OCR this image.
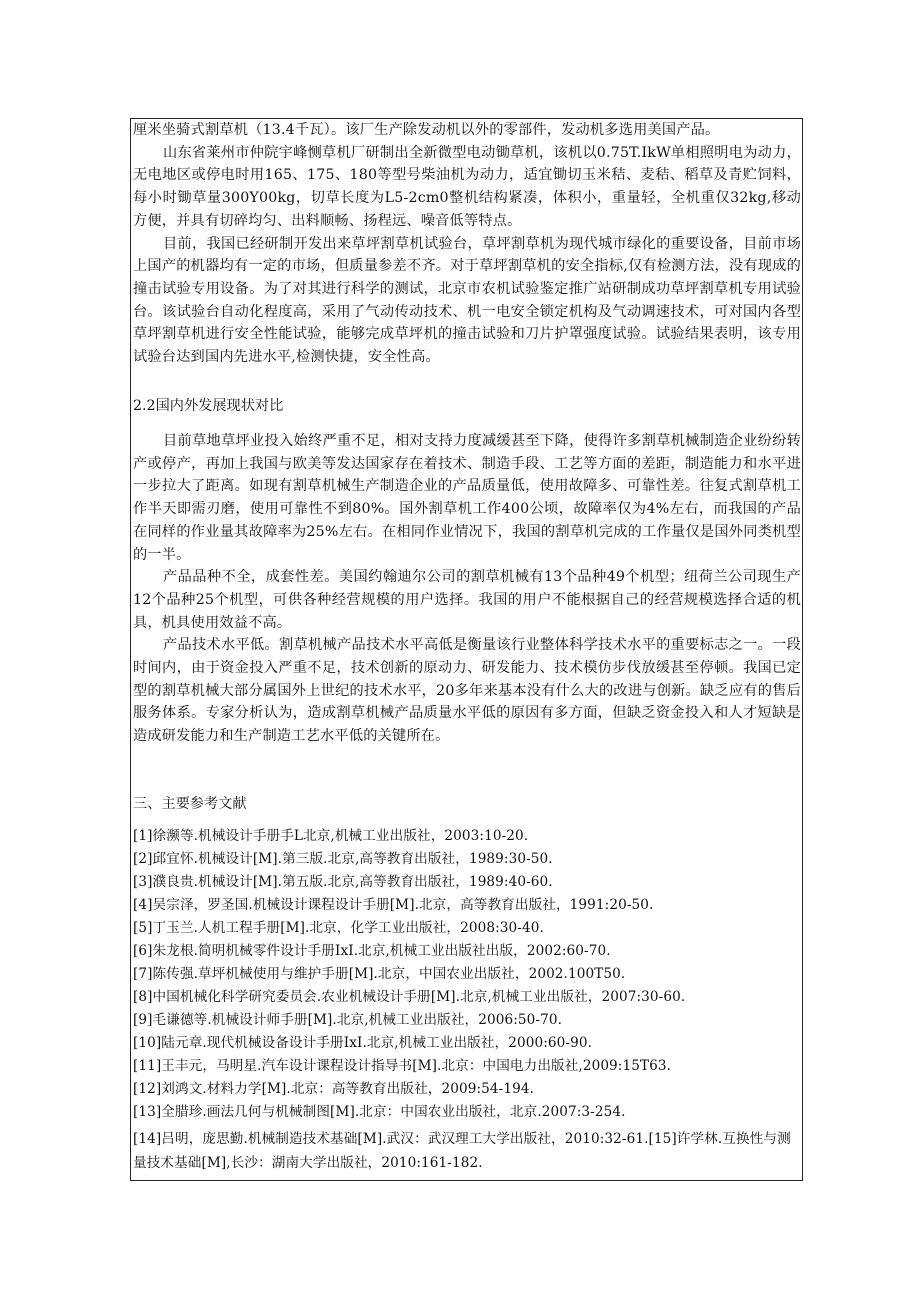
厘米坐骑式割草机（13.4千瓦）。该厂生产除发动机以外的零部件，发动机多选用美国产品。

山东省莱州市仲院宇峰恻草机厂研制出全新微型电动锄草机，该机以0.75T.IkW单相照明电为动力，无电地区或停电时用165、175、180等型号柴油机为动力，适宜锄切玉米秸、麦秸、稻草及青贮饲料，每小时锄草量300Y00kg，切草长度为L5-2cm0整机结构紧凑，体积小，重量轻，全机重仅32kg,移动方便，并具有切碎均匀、出料顺畅、扬程远、噪音低等特点。

目前，我国已经研制开发出来草坪割草机试验台，草坪割草机为现代城市绿化的重要设备，目前市场上国产的机器均有一定的市场，但质量参差不齐。对于草坪割草机的安全指标,仅有检测方法，没有现成的撞击试验专用设备。为了对其进行科学的测试，北京市农机试验鉴定推广站研制成功草坪割草机专用试验台。该试验台自动化程度高，采用了气动传动技术、机一电安全锁定机构及气动调速技术，可对国内各型草坪割草机进行安全性能试验，能够完成草坪机的撞击试验和刀片护罩强度试验。试验结果表明，该专用试验台达到国内先进水平,检测快捷，安全性高。

2.2国内外发展现状对比

目前草地草坪业投入始终严重不足，相对支持力度减缓甚至下降，使得许多割草机械制造企业纷纷转产或停产，再加上我国与欧美等发达国家存在着技术、制造手段、工艺等方面的差距，制造能力和水平进一步拉大了距离。如现有割草机械生产制造企业的产品质量低，使用故障多、可靠性差。往复式割草机工作半天即需刃磨，使用可靠性不到80%。国外割草机工作400公顷，故障率仅为4%左右，而我国的产品在同样的作业量其故障率为25%左右。在相同作业情况下，我国的割草机完成的工作量仅是国外同类机型的一半。

产品品种不全，成套性差。美国约翰迪尔公司的割草机械有13个品种49个机型；纽荷兰公司现生产12个品种25个机型，可供各种经营规模的用户选择。我国的用户不能根据自己的经营规模选择合适的机具，机具使用效益不高。

产品技术水平低。割草机械产品技术水平高低是衡量该行业整体科学技术水平的重要标志之一。一段时间内，由于资金投入严重不足，技术创新的原动力、研发能力、技术模仿步伐放缓甚至停顿。我国已定型的割草机械大部分属国外上世纪的技术水平，20多年来基本没有什么大的改进与创新。缺乏应有的售后服务体系。专家分析认为，造成割草机械产品质量水平低的原因有多方面，但缺乏资金投入和人才短缺是造成研发能力和生产制造工艺水平低的关键所在。

三、主要参考文献
[1]徐濒等.机械设计手册手L北京,机械工业出版社，2003:10-20.
[2]邱宜怀.机械设计[M].第三版.北京,高等教育出版社，1989:30-50.
[3]濮良贵.机械设计[M].第五版.北京,高等教育出版社，1989:40-60.
[4]吴宗泽，罗圣国.机械设计课程设计手册[M].北京，高等教育出版社，1991:20-50.
[5]丁玉兰.人机工程手册[M].北京，化学工业出版社，2008:30-40.
[6]朱龙根.简明机械零件设计手册IxI.北京,机械工业出版社出版，2002:60-70.
[7]陈传强.草坪机械使用与维护手册[M].北京，中国农业出版社，2002.100T50.
[8]中国机械化科学研究委员会.农业机械设计手册[M].北京,机械工业出版社，2007:30-60.
[9]毛谦德等.机械设计师手册[M].北京,机械工业出版社，2006:50-70.
[10]陆元章.现代机械设备设计手册IxI.北京,机械工业出版社，2000:60-90.
[11]王丰元，马明星.汽车设计课程设计指导书[M].北京：中国电力出版社,2009:15T63.
[12]刘鸿文.材料力学[M].北京：高等教育出版社，2009:54-194.
[13]全腊珍.画法几何与机械制图[M].北京：中国农业出版社，北京.2007:3-254.
[14]吕明，庞思勤.机械制造技术基础[M].武汉：武汉理工大学出版社，2010:32-61.[15]许学林.互换性与测量技术基础[M],长沙：湖南大学出版社，2010:161-182.
